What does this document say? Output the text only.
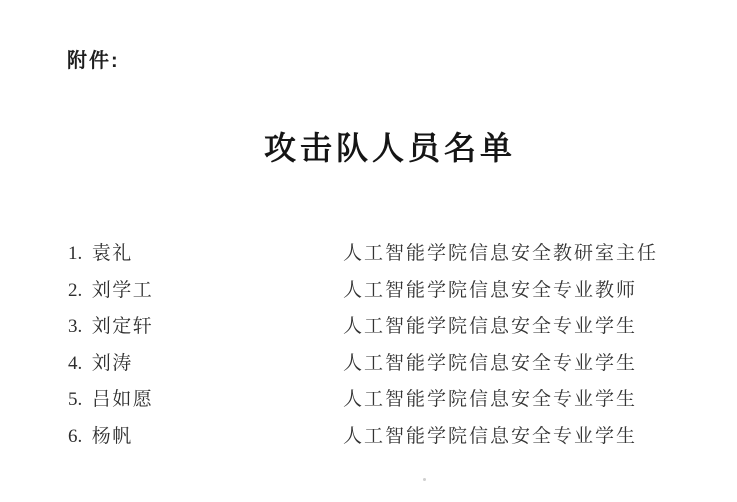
附件:
攻击队人员名单
1. 袁礼	人工智能学院信息安全教研室主任
2. 刘学工	人工智能学院信息安全专业教师
3. 刘定轩	人工智能学院信息安全专业学生
4. 刘涛	人工智能学院信息安全专业学生
5. 吕如愿	人工智能学院信息安全专业学生
6. 杨帆	人工智能学院信息安全专业学生
